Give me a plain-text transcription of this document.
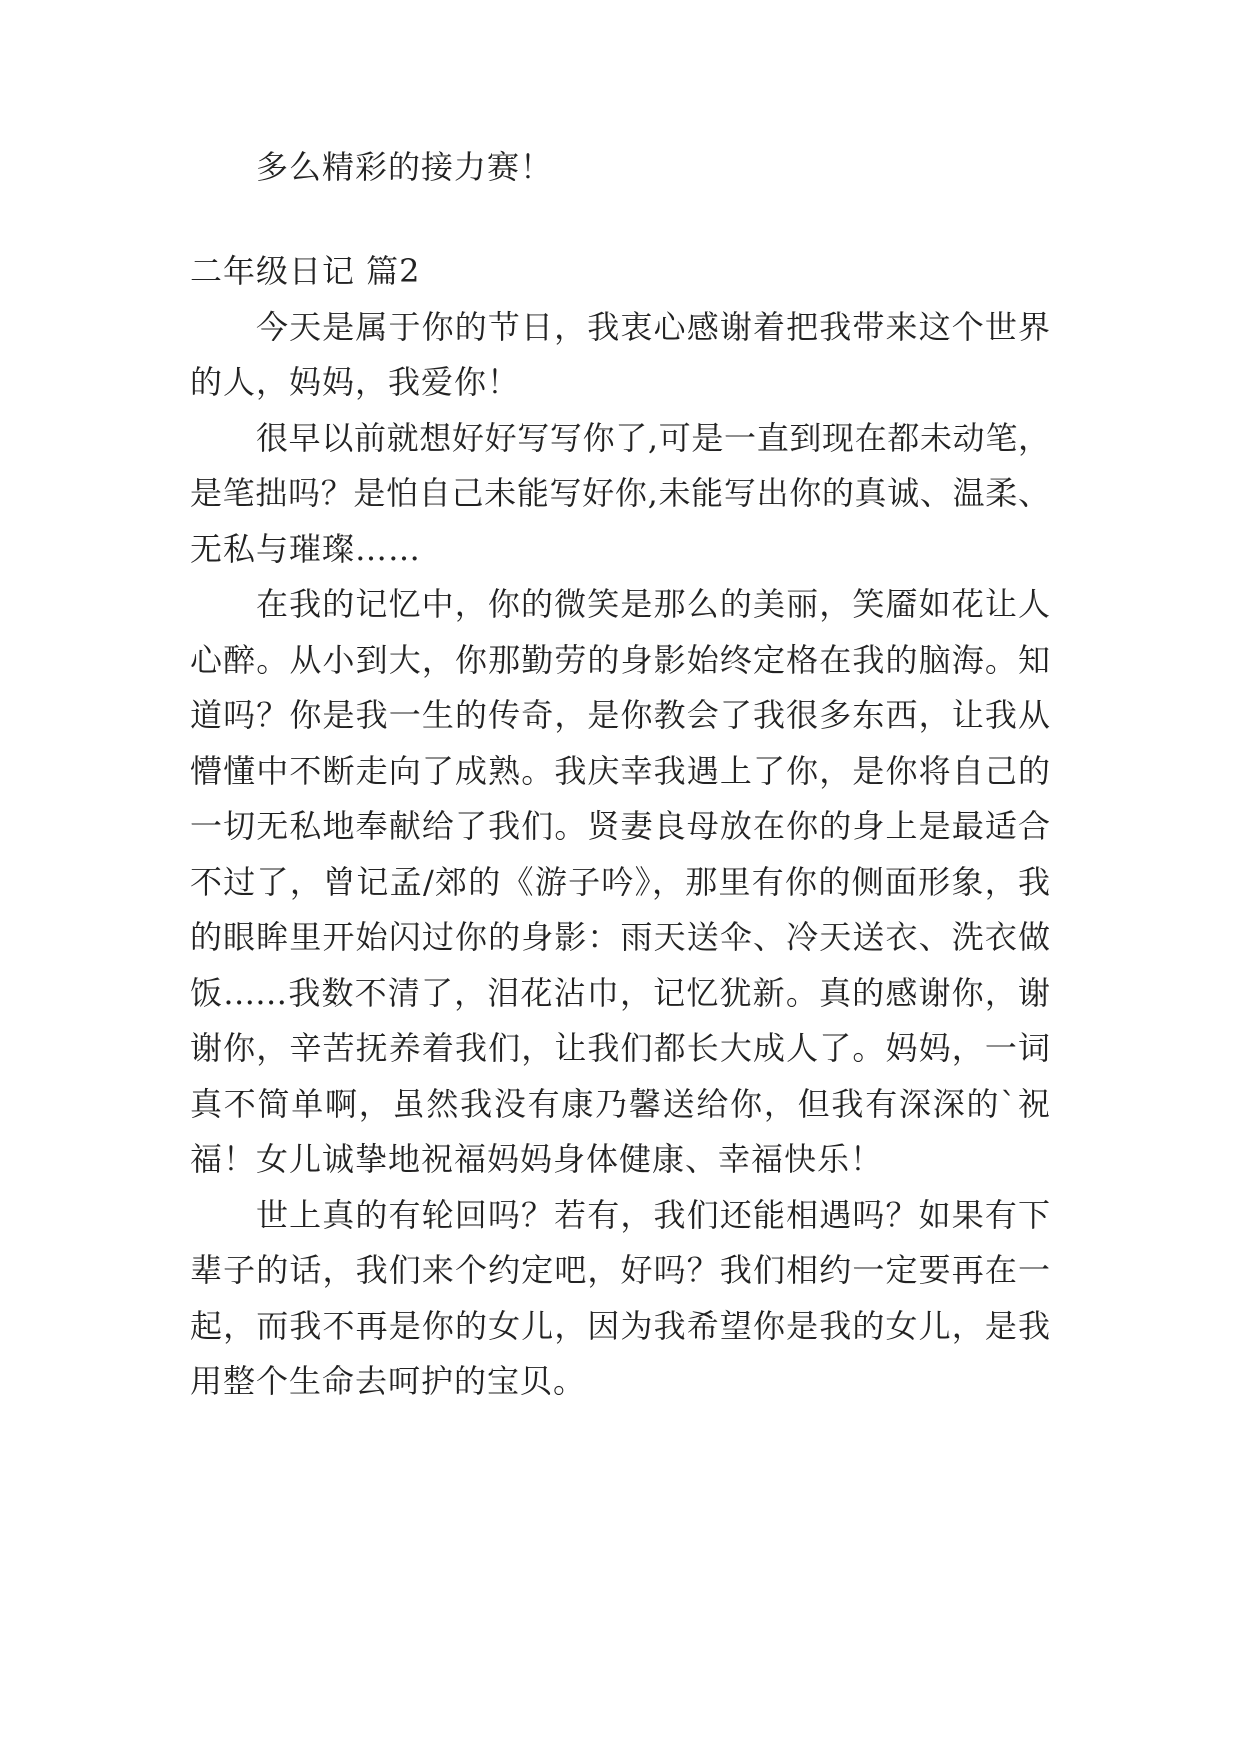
多么精彩的接力赛！
二年级日记 篇2
今天是属于你的节日，我衷心感谢着把我带来这个世界
的人，妈妈，我爱你！
很早以前就想好好写写你了,可是一直到现在都未动笔，
是笔拙吗？是怕自己未能写好你,未能写出你的真诚、温柔、
无私与璀璨……
在我的记忆中，你的微笑是那么的美丽，笑靥如花让人
心醉。从小到大，你那勤劳的身影始终定格在我的脑海。知
道吗？你是我一生的传奇，是你教会了我很多东西，让我从
懵懂中不断走向了成熟。我庆幸我遇上了你，是你将自己的
一切无私地奉献给了我们。贤妻良母放在你的身上是最适合
不过了，曾记孟/郊的《游子吟》，那里有你的侧面形象，我
的眼眸里开始闪过你的身影：雨天送伞、冷天送衣、洗衣做
饭……我数不清了，泪花沾巾，记忆犹新。真的感谢你，谢
谢你，辛苦抚养着我们，让我们都长大成人了。妈妈，一词
真不简单啊，虽然我没有康乃馨送给你，但我有深深的`祝
福！女儿诚挚地祝福妈妈身体健康、幸福快乐！
世上真的有轮回吗？若有，我们还能相遇吗？如果有下
辈子的话，我们来个约定吧，好吗？我们相约一定要再在一
起，而我不再是你的女儿，因为我希望你是我的女儿，是我
用整个生命去呵护的宝贝。
